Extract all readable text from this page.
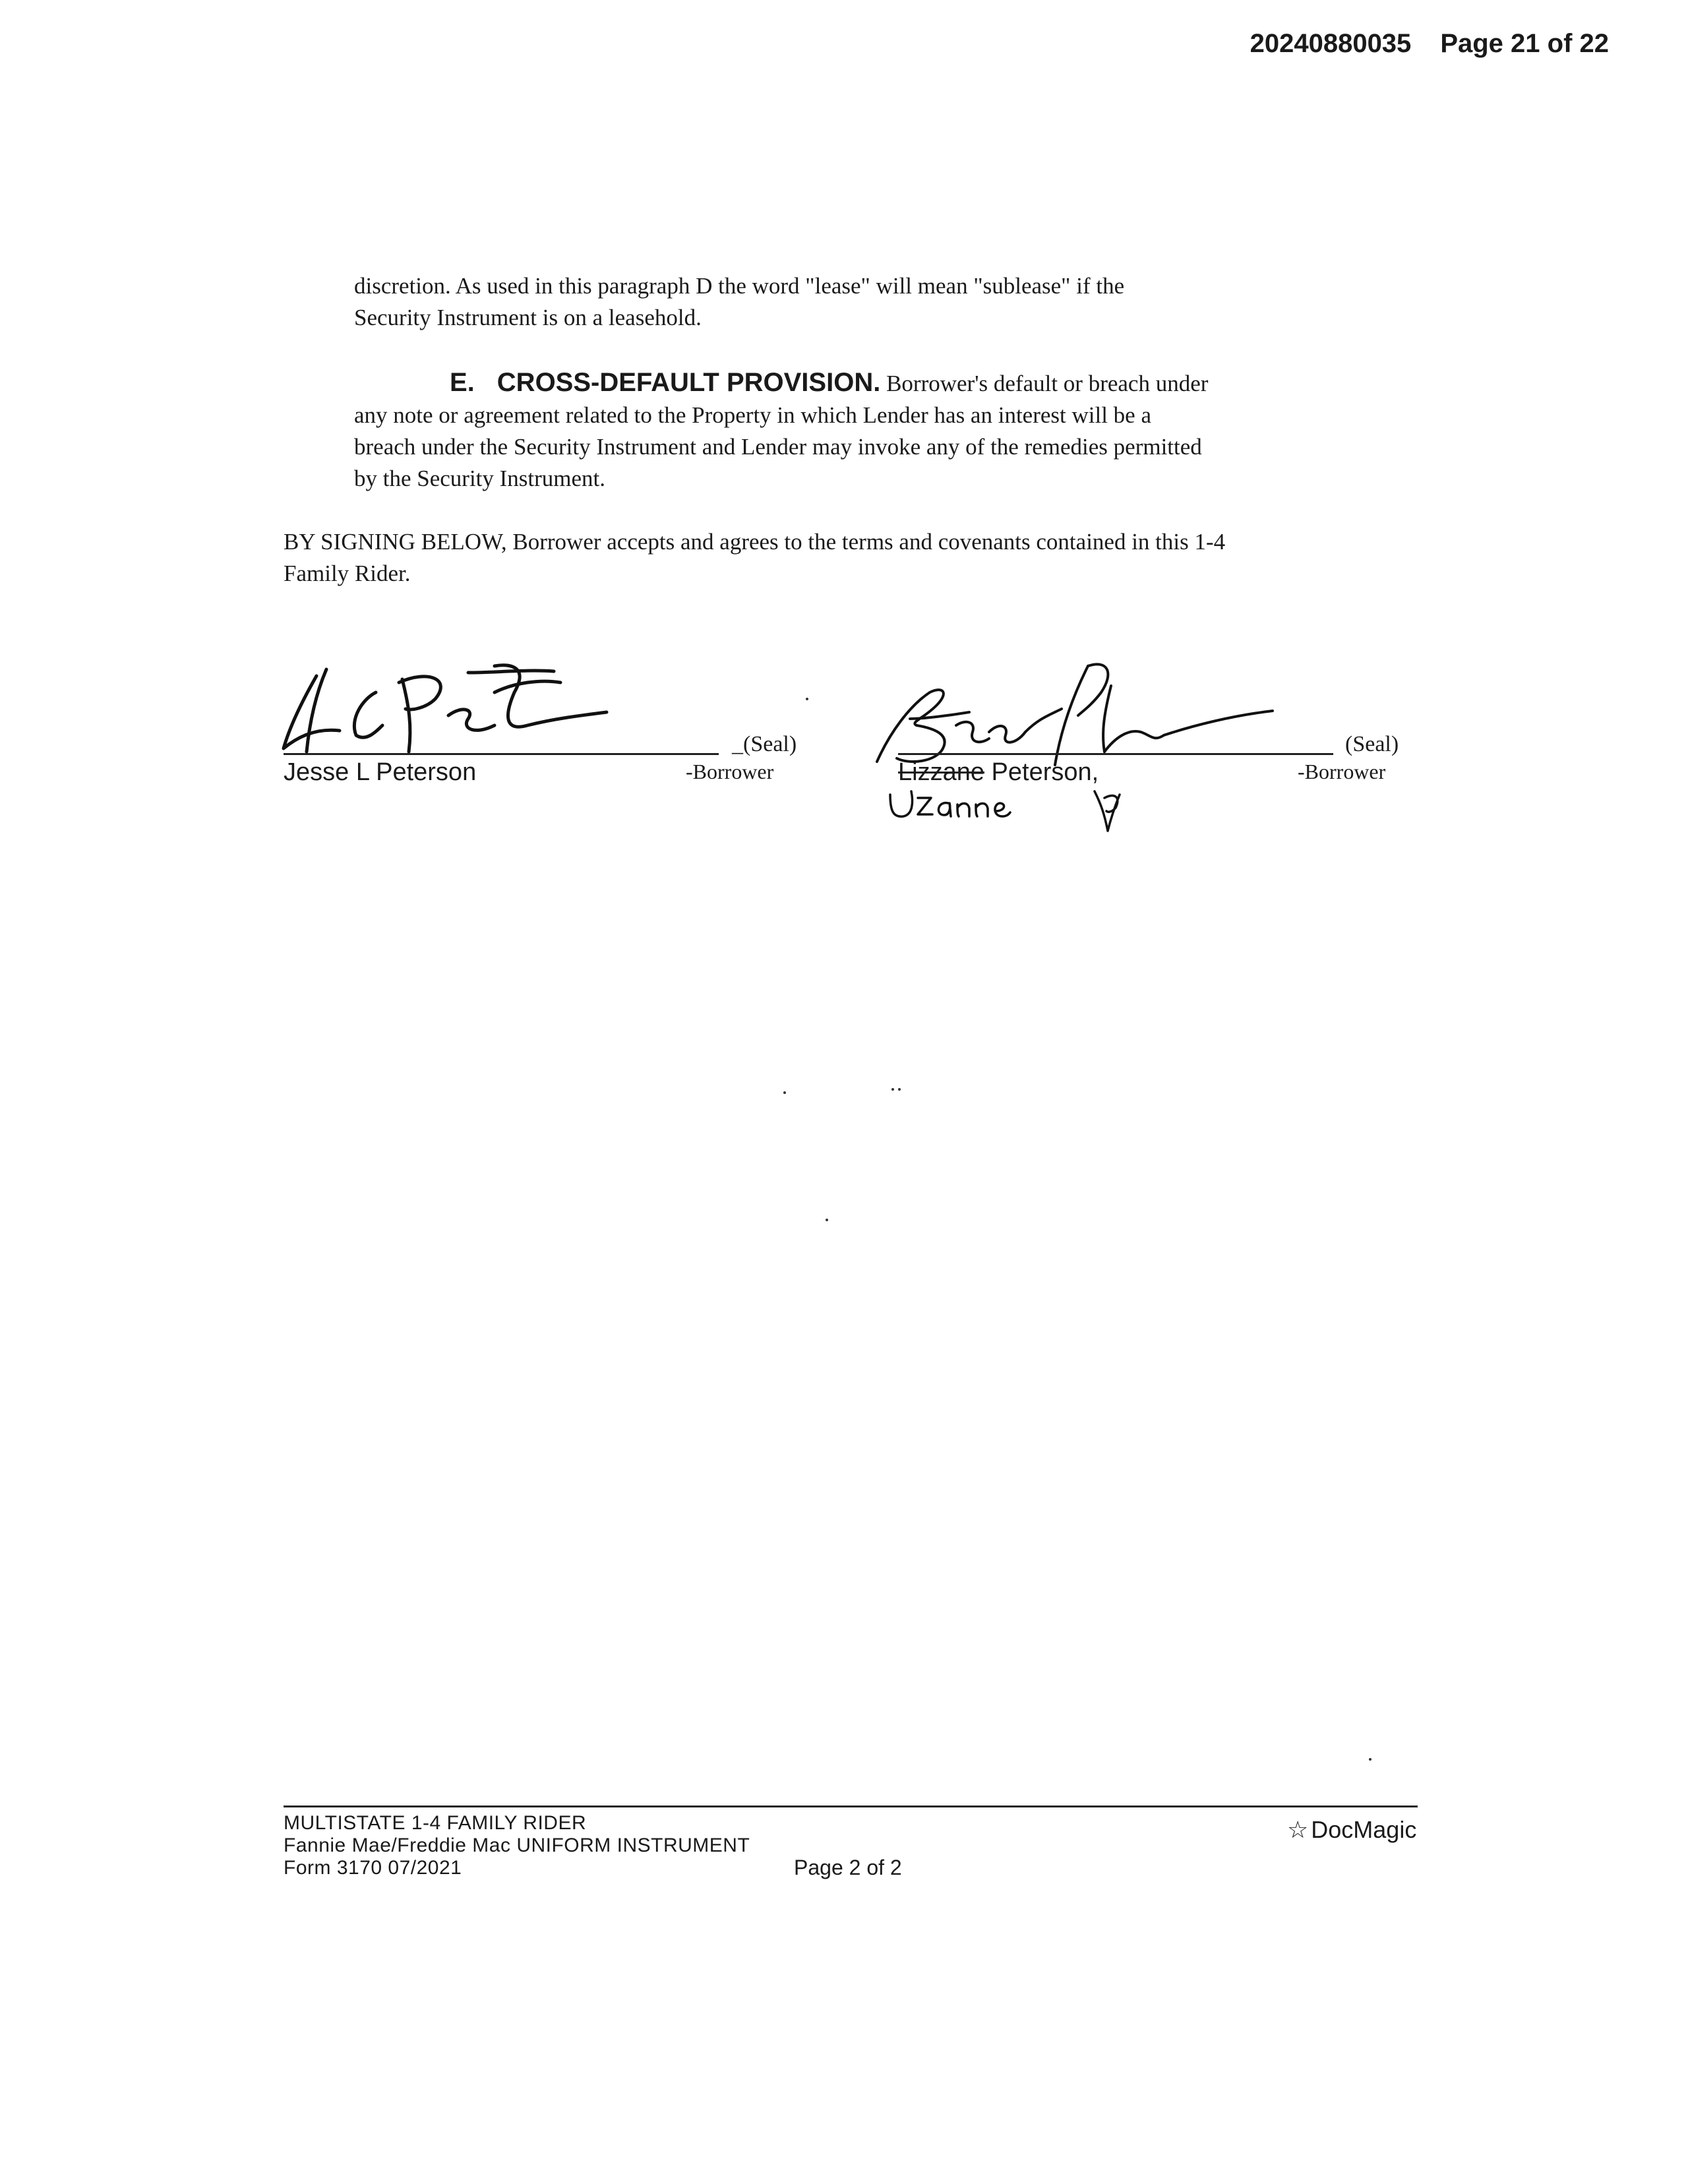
20240880035 Page 21 of 22
discretion. As used in this paragraph D the word "lease" will mean "sublease" if the
Security Instrument is on a leasehold.
E. CROSS-DEFAULT PROVISION. Borrower's default or breach under
any note or agreement related to the Property in which Lender has an interest will be a
breach under the Security Instrument and Lender may invoke any of the remedies permitted
by the Security Instrument.
BY SIGNING BELOW, Borrower accepts and agrees to the terms and covenants contained in this 1-4
Family Rider.
_(Seal)	(Seal)
-Borrower	-Borrower
Jesse L Peterson	Lizzane Peterson,
MULTISTATE 1-4 FAMILY RIDER
Fannie Mae/Freddie Mac UNIFORM INSTRUMENT
Form 3170 07/2021	Page 2 of 2
☆ DocMagic
